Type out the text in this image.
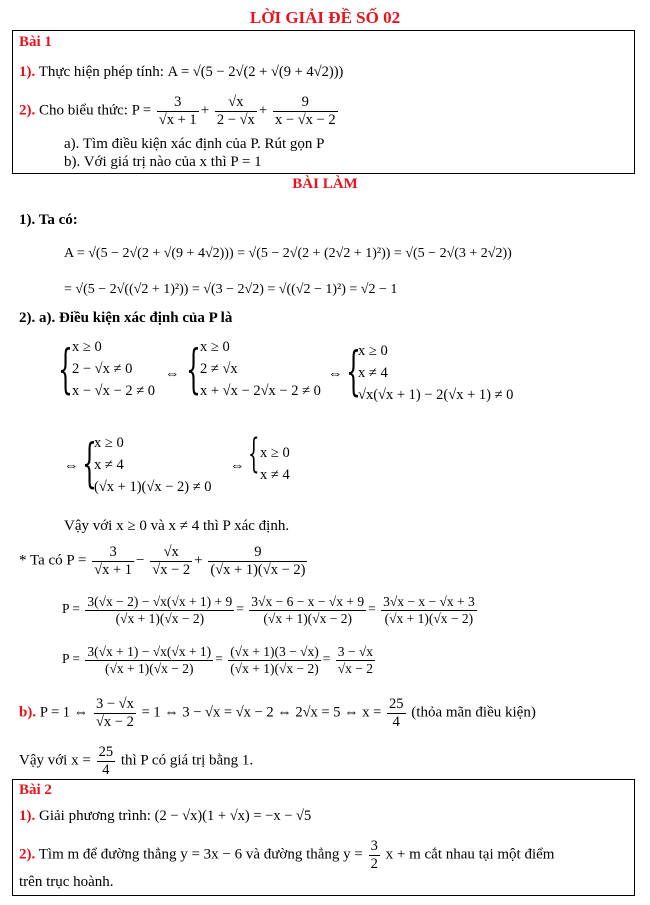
LỜI GIẢI ĐỀ SỐ 02
Bài 1
1). Thực hiện phép tính: A = √(5 − 2√(2 + √(9 + 4√2)))
2). Cho biểu thức: $P = \frac{3}{√x + 1} + \frac{√x}{2 - √x} + \frac{9}{x - √x - 2}$
a). Tìm điều kiện xác định của P. Rút gọn P
b). Với giá trị nào của x thì P = 1
BÀI LÀM
1). Ta có:
A = √(5 − 2√(2 + √(9 + 4√2))) = √(5 − 2√(2 + (2√2 + 1)²)) = √(5 − 2√(3 + 2√2))
= √(5 − 2√((√2 + 1)²)) = √(3 − 2√2) = √((√2 − 1)²) = √2 − 1
2). a). Điều kiện xác định của P là
{ x ≥ 0
2 − √x ≠ 0
x − √x − 2 ≠ 0
⇔ { x ≥ 0
2 ≠ √x
x + √x − 2√x − 2 ≠ 0
⇔ {
x ≥ 0
x ≠ 4
√x(√x + 1) − 2(√x + 1) ≠ 0
⇔ {
x ≥ 0
x ≠ 4
(√x + 1)(√x − 2) ≠ 0
⇔ { x ≥ 0
x ≠ 4
Vậy với x ≥ 0 và x ≠ 4 thì P xác định.
* Ta có $P = \frac{3}{√x + 1} - \frac{√x}{√x - 2} + \frac{9}{(√x + 1)(√x - 2)}$
$P = \frac{3(√x - 2) - √x(√x + 1) + 9}{(√x + 1)(√x - 2)} = \frac{3√x - 6 - x - √x + 9}{(√x + 1)(√x - 2)} = \frac{3√x - x - √x + 3}{(√x + 1)(√x - 2)}$
$P = \frac{3(√x + 1) - √x(√x + 1)}{(√x + 1)(√x - 2)} = \frac{(√x + 1)(3 - √x)}{(√x + 1)(√x - 2)} = \frac{3 - √x}{√x - 2}$
b). P = 1 ⇔ $\frac{3 - √x}{√x - 2} = 1$ ⇔ 3 − √x = √x − 2 ⇔ 2√x = 5 ⇔ $x = \frac{25}{4}$ (thỏa mãn điều kiện)
Vậy với $x = \frac{25}{4}$ thì P có giá trị bằng 1.
Bài 2
1). Giải phương trình: (2 − √x)(1 + √x) = −x − √5
2). Tìm m để đường thẳng y = 3x − 6 và đường thẳng $y = \frac{3}{2}$ x + m cắt nhau tại một điểm
trên trục hoành.
